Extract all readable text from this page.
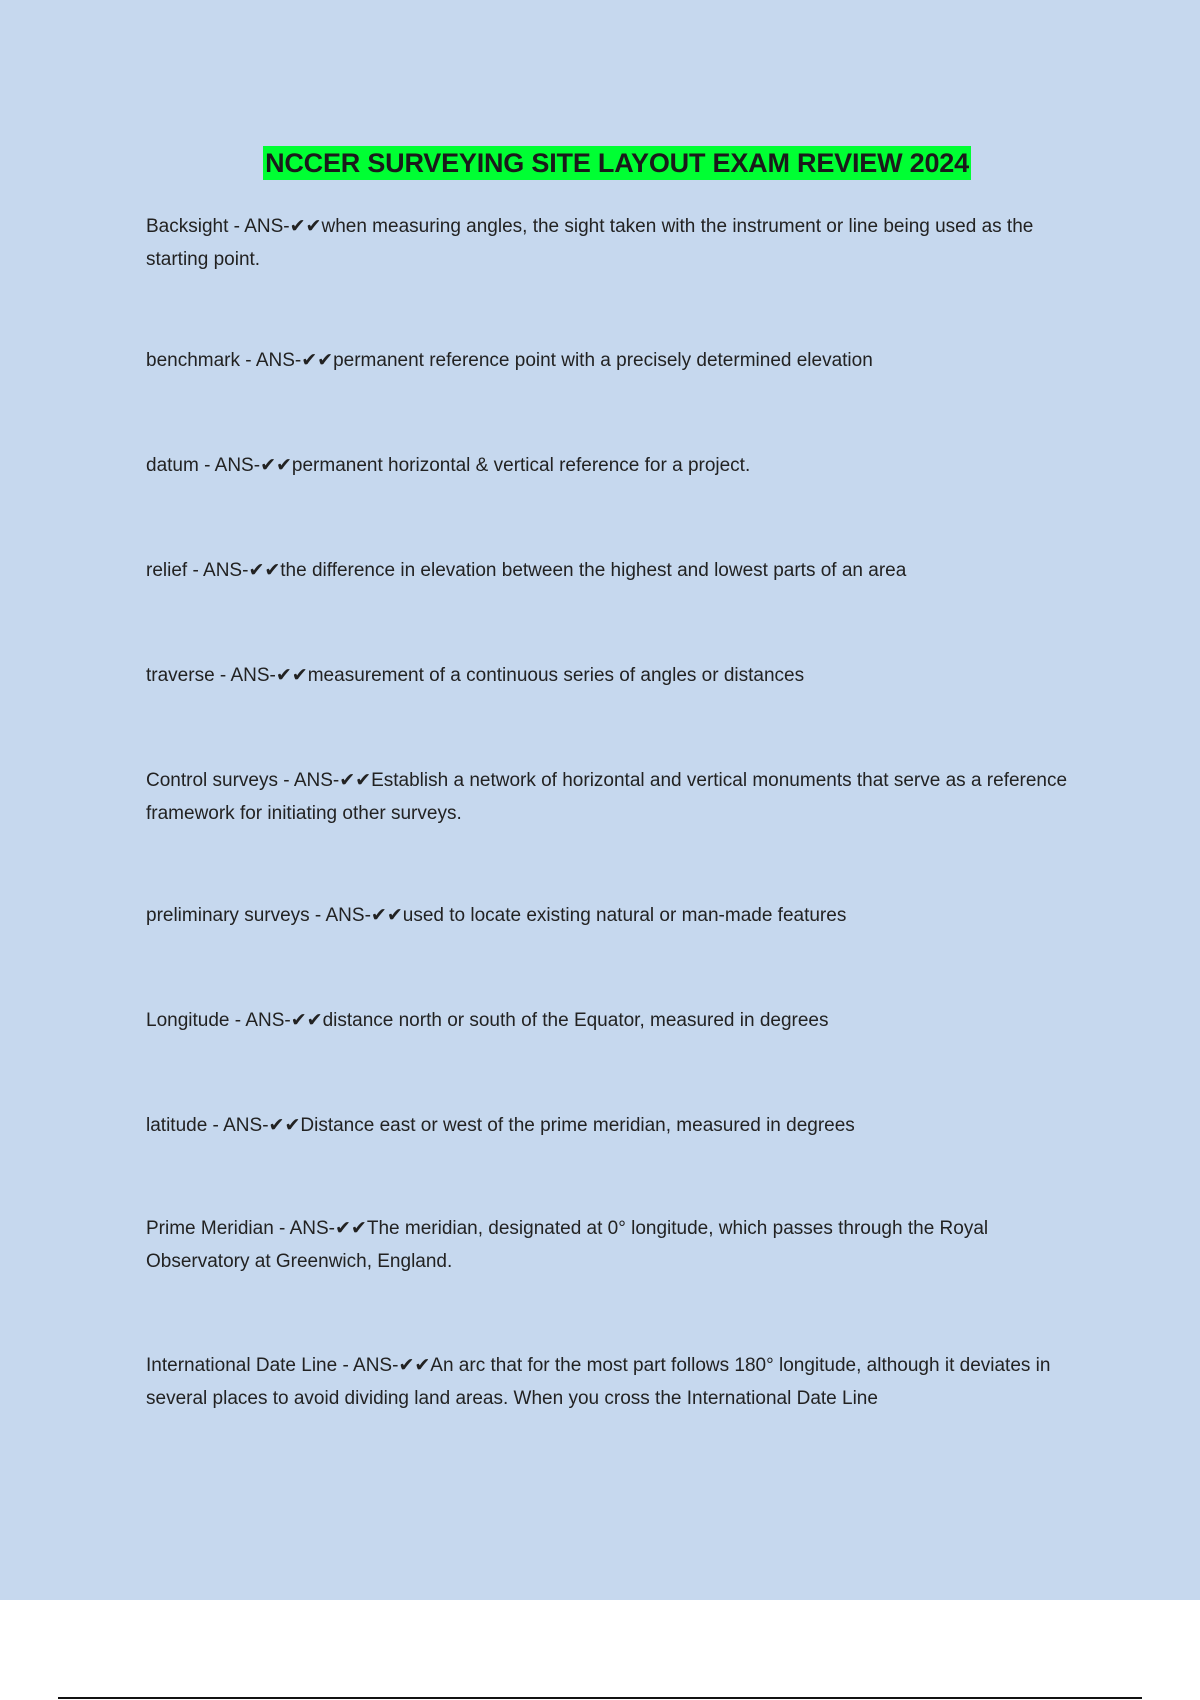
NCCER SURVEYING SITE LAYOUT EXAM REVIEW 2024
Backsight - ANS-✔✔when measuring angles, the sight taken with the instrument or line being used as the starting point.
benchmark - ANS-✔✔permanent reference point with a precisely determined elevation
datum - ANS-✔✔permanent horizontal & vertical reference for a project.
relief - ANS-✔✔the difference in elevation between the highest and lowest parts of an area
traverse - ANS-✔✔measurement of a continuous series of angles or distances
Control surveys - ANS-✔✔Establish a network of horizontal and vertical monuments that serve as a reference framework for initiating other surveys.
preliminary surveys - ANS-✔✔used to locate existing natural or man-made features
Longitude - ANS-✔✔distance north or south of the Equator, measured in degrees
latitude - ANS-✔✔Distance east or west of the prime meridian, measured in degrees
Prime Meridian - ANS-✔✔The meridian, designated at 0° longitude, which passes through the Royal Observatory at Greenwich, England.
International Date Line - ANS-✔✔An arc that for the most part follows 180° longitude, although it deviates in several places to avoid dividing land areas. When you cross the International Date Line
